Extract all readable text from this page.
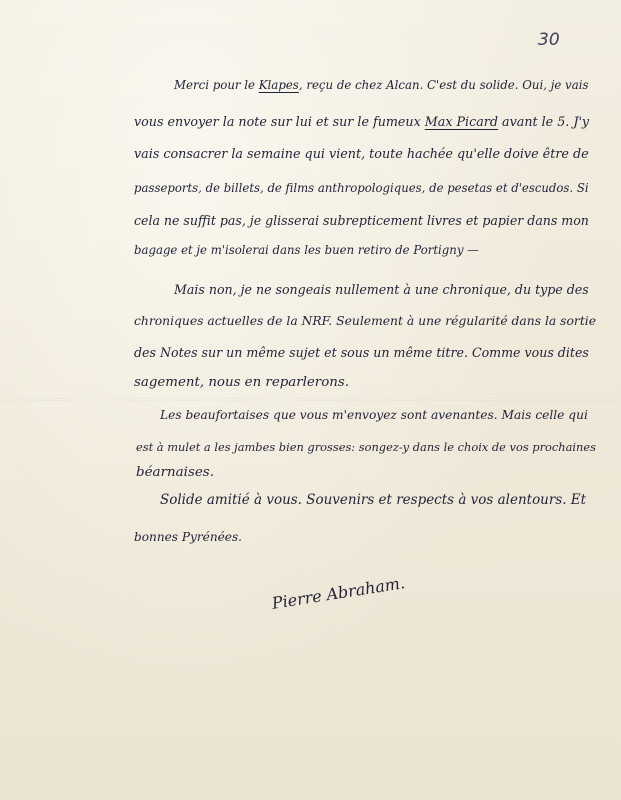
30
Merci pour le Klapes, reçu de chez Alcan. C'est du solide. Oui, je vais
vous envoyer la note sur lui et sur le fumeux Max Picard avant le 5. J'y
vais consacrer la semaine qui vient, toute hachée qu'elle doive être de
passeports, de billets, de films anthropologiques, de pesetas et d'escudos. Si
cela ne suffit pas, je glisserai subrepticement livres et papier dans mon
bagage et je m'isolerai dans les buen retiro de Portigny —
Mais non, je ne songeais nullement à une chronique, du type des
chroniques actuelles de la NRF. Seulement à une régularité dans la sortie
des Notes sur un même sujet et sous un même titre. Comme vous dites
sagement, nous en reparlerons.
Les beaufortaises que vous m'envoyez sont avenantes. Mais celle qui
est à mulet a les jambes bien grosses: songez-y dans le choix de vos prochaines
béarnaises.
Solide amitié à vous. Souvenirs et respects à vos alentours. Et
bonnes Pyrénées.
Pierre Abraham.
